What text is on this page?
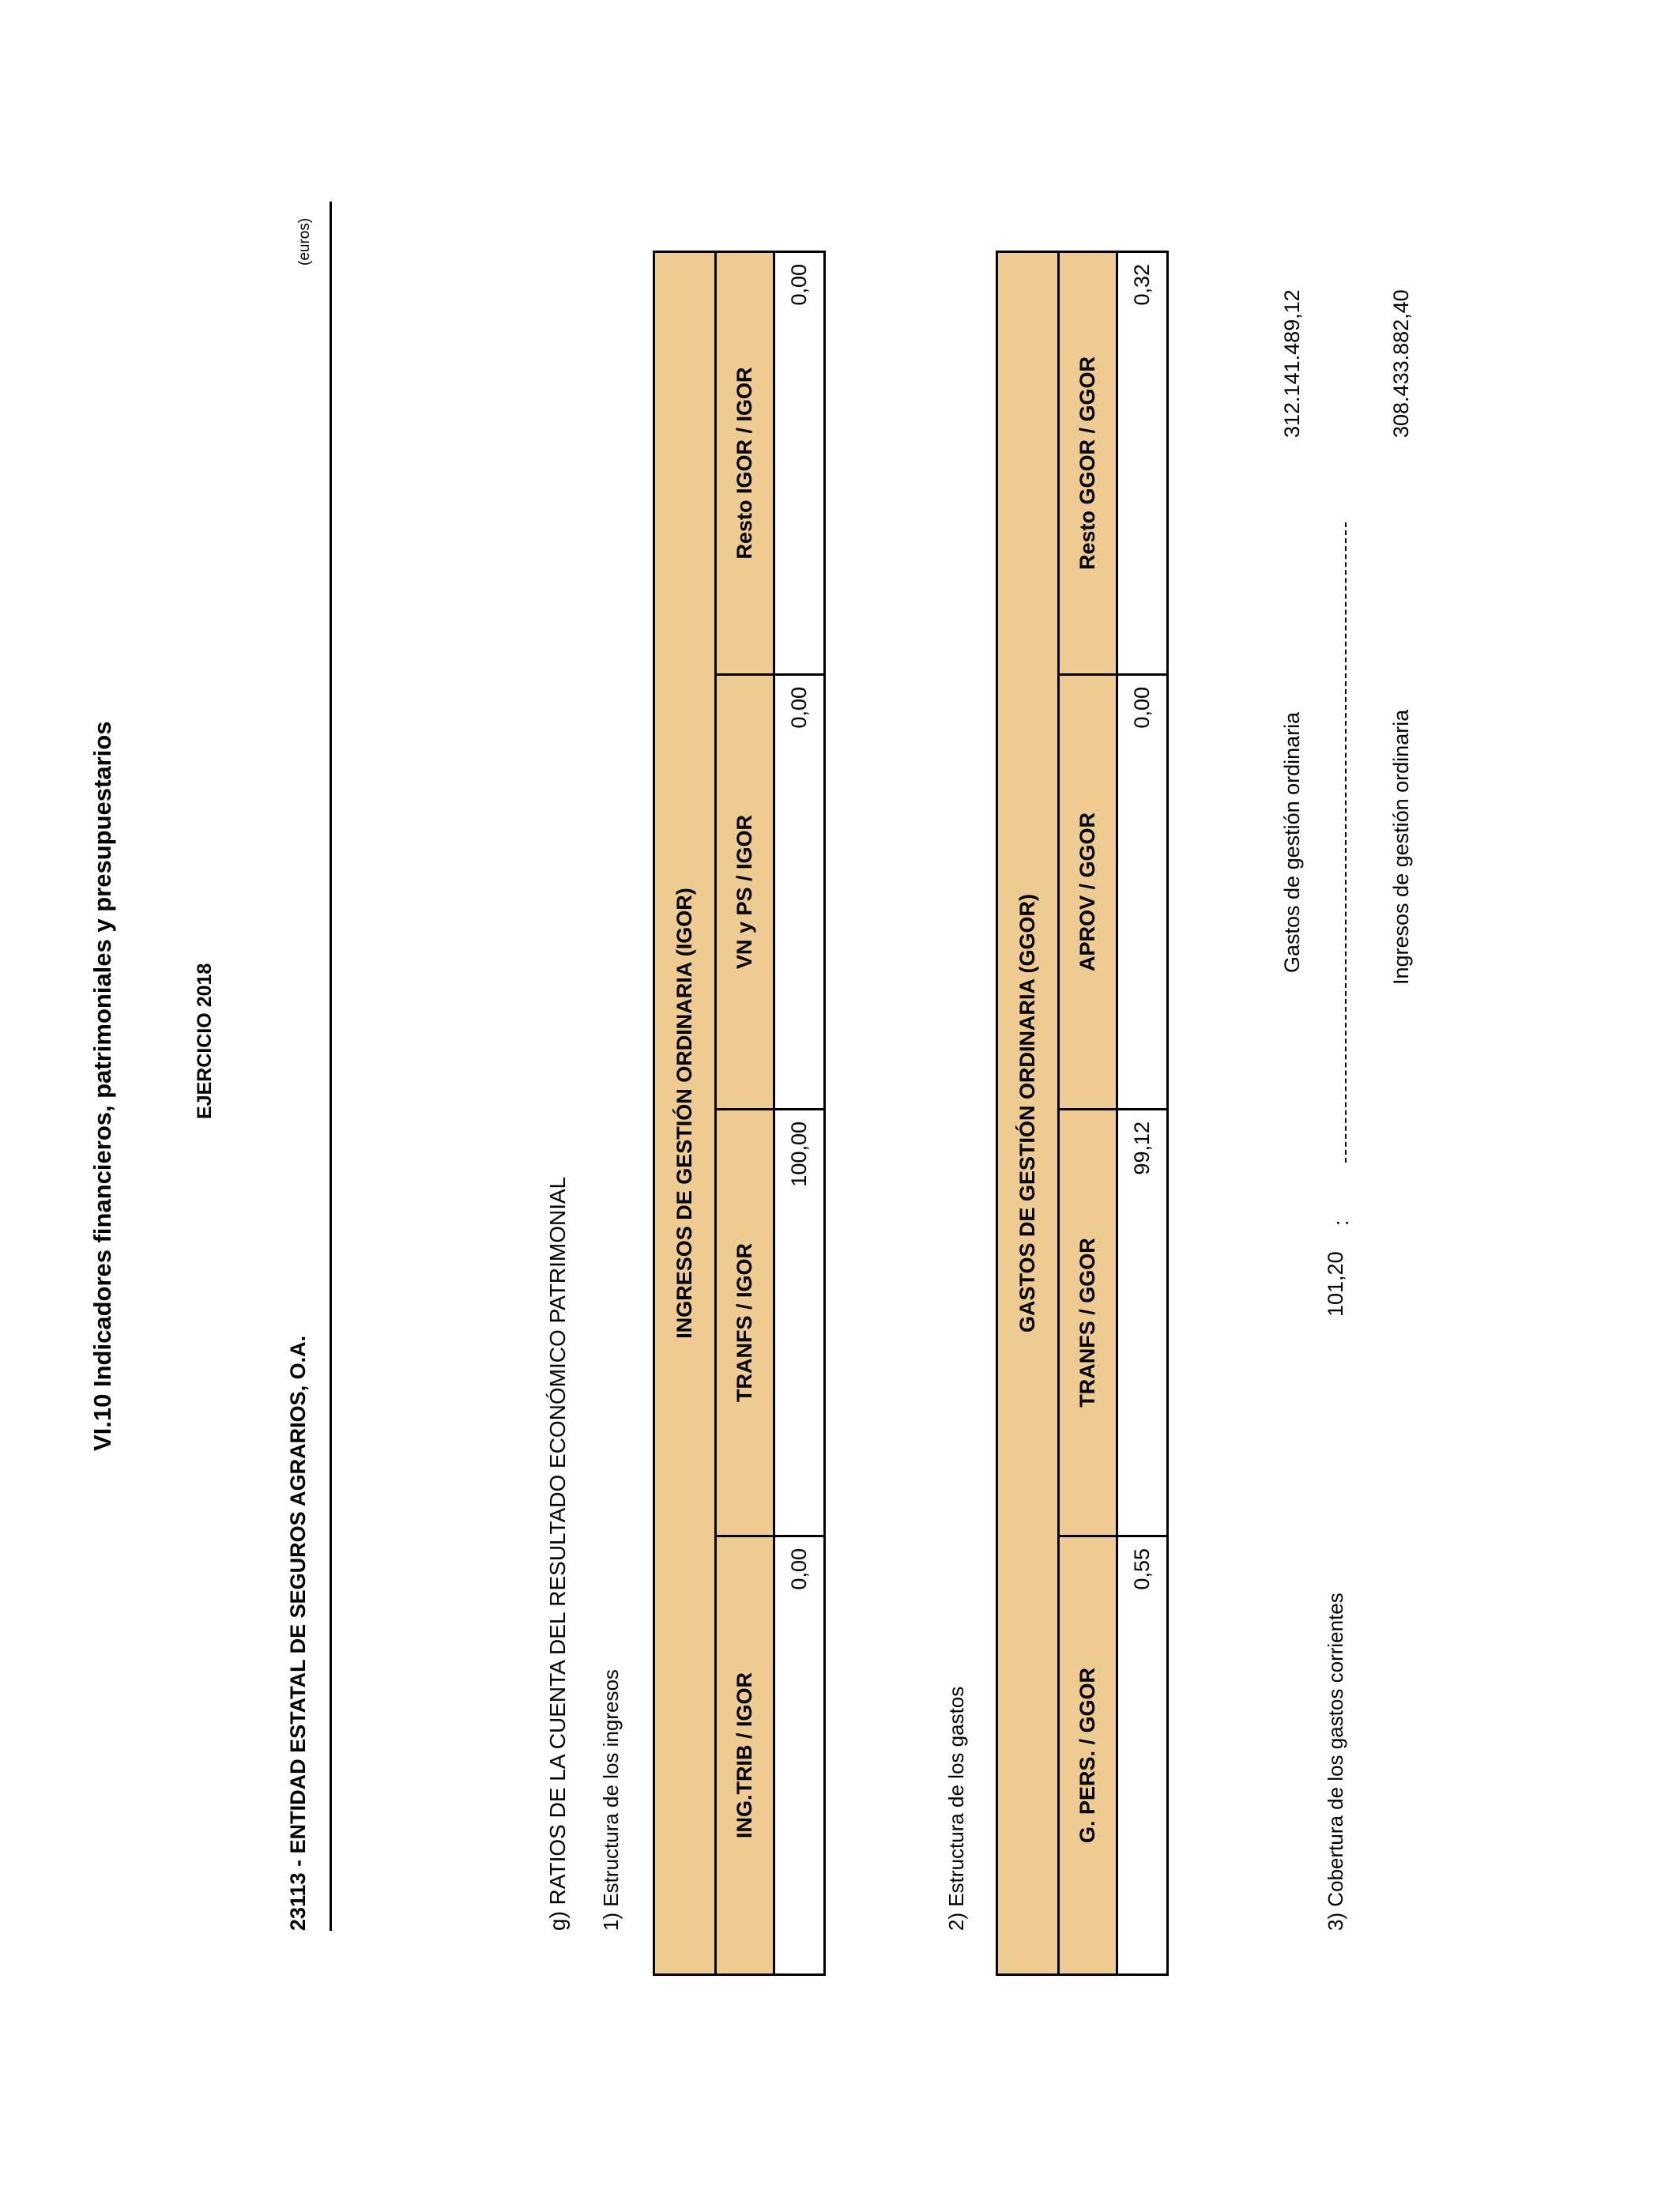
VI.10 Indicadores financieros, patrimoniales y presupuestarios	EJERCICIO 2018
23113 - ENTIDAD ESTATAL DE SEGUROS AGRARIOS, O.A.
(euros)
g) RATIOS DE LA CUENTA DEL RESULTADO ECONÓMICO PATRIMONIAL 1) Estructura de los ingresos
INGRESOS DE GESTIÓN ORDINARIA (IGOR)			
ING.TRIB / IGOR	TRANFS / IGOR	VN y PS / IGOR	Resto IGOR / IGOR
0,00	100,00	0,00	0,00
2) Estructura de los gastos
GASTOS DE GESTIÓN ORDINARIA (GGOR)			
G. PERS. / GGOR	TRANFS / GGOR	APROV / GGOR	Resto GGOR / GGOR
0,55	99,12	0,00	0,32
3) Cobertura de los gastos corrientes
101,20
:
Gastos de gestión ordinaria
312.141.489,12
Ingresos de gestión ordinaria
308.433.882,40
